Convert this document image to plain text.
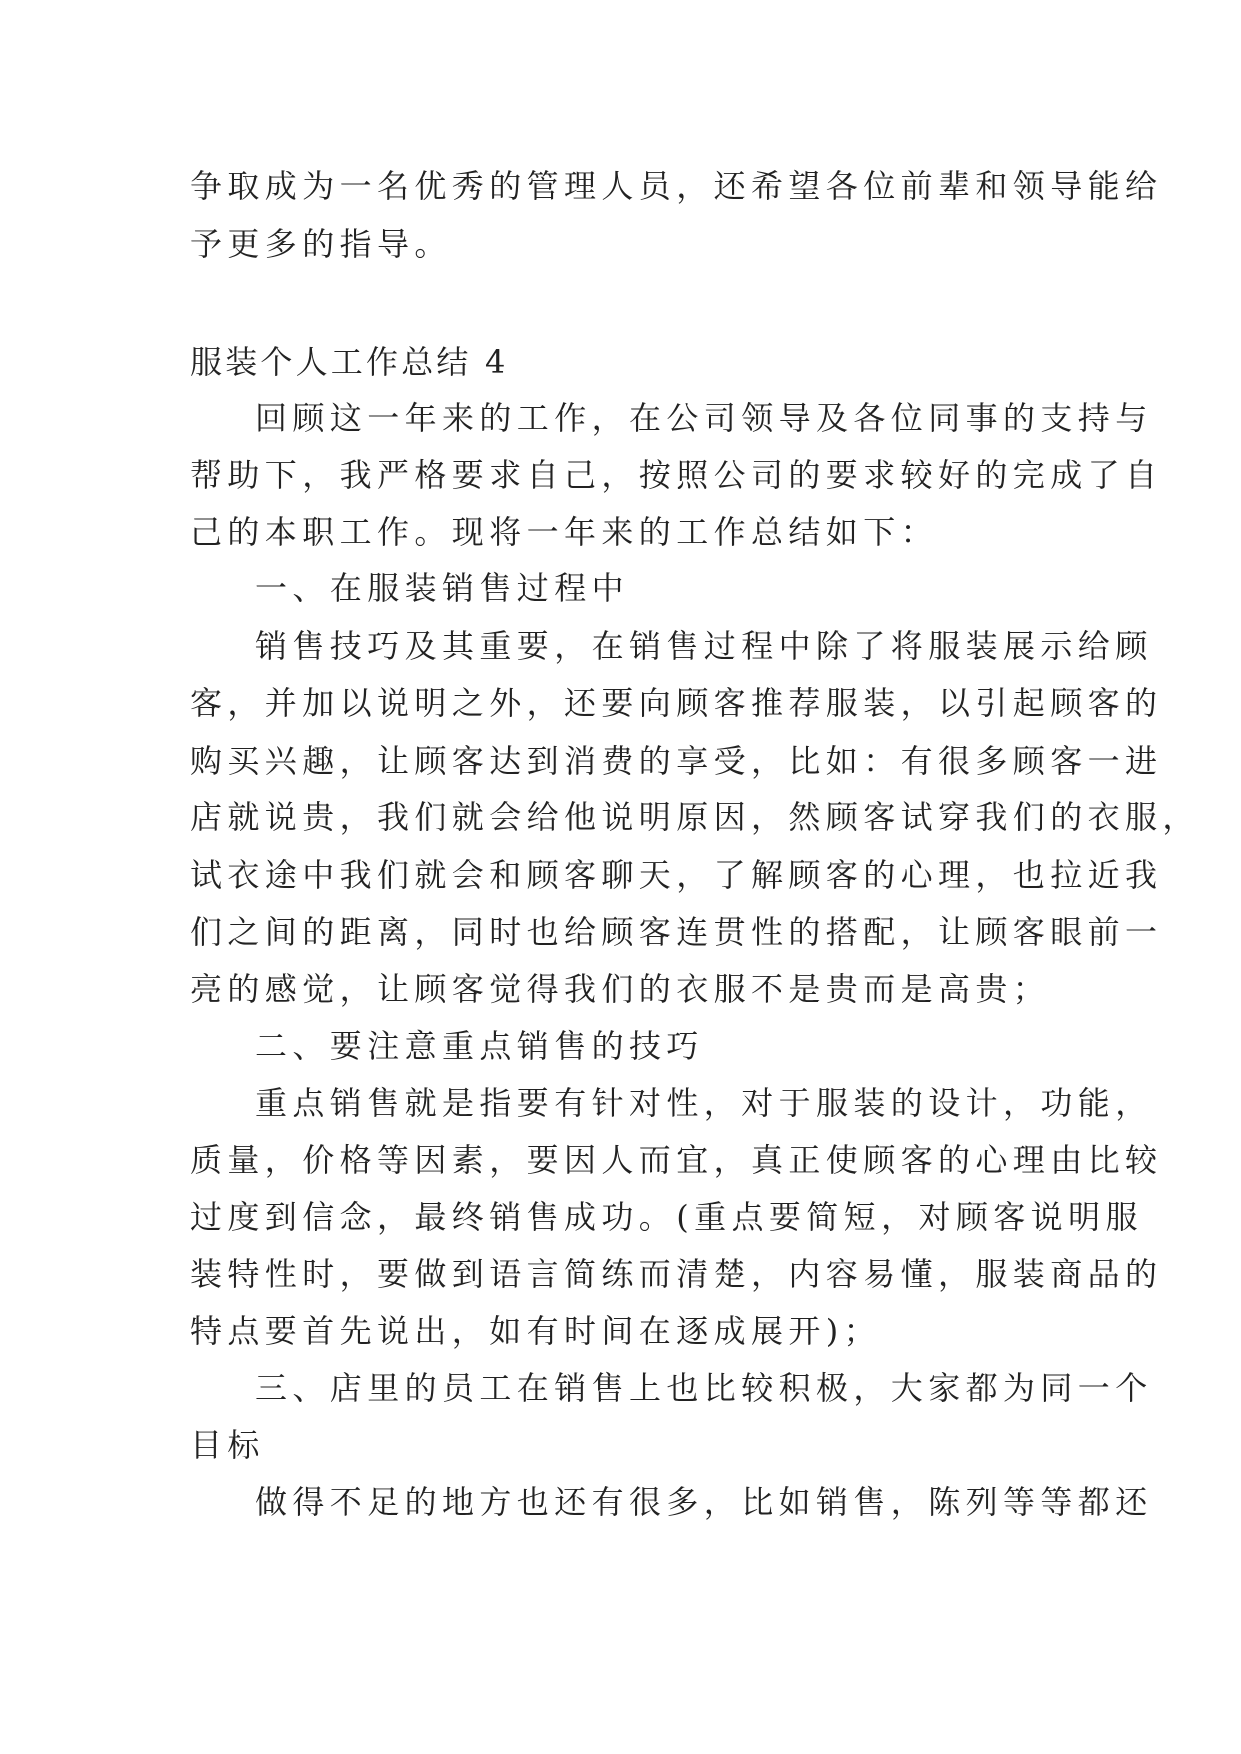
争取成为一名优秀的管理人员，还希望各位前辈和领导能给
予更多的指导。
服装个人工作总结 4
回顾这一年来的工作，在公司领导及各位同事的支持与
帮助下，我严格要求自己，按照公司的要求较好的完成了自
己的本职工作。现将一年来的工作总结如下：
一、在服装销售过程中
销售技巧及其重要，在销售过程中除了将服装展示给顾
客，并加以说明之外，还要向顾客推荐服装，以引起顾客的
购买兴趣，让顾客达到消费的享受，比如：有很多顾客一进
店就说贵，我们就会给他说明原因，然顾客试穿我们的衣服，
试衣途中我们就会和顾客聊天，了解顾客的心理，也拉近我
们之间的距离，同时也给顾客连贯性的搭配，让顾客眼前一
亮的感觉，让顾客觉得我们的衣服不是贵而是高贵；
二、要注意重点销售的技巧
重点销售就是指要有针对性，对于服装的设计，功能，
质量，价格等因素，要因人而宜，真正使顾客的心理由比较
过度到信念，最终销售成功。(重点要简短，对顾客说明服
装特性时，要做到语言简练而清楚，内容易懂，服装商品的
特点要首先说出，如有时间在逐成展开)；
三、店里的员工在销售上也比较积极，大家都为同一个
目标
做得不足的地方也还有很多，比如销售，陈列等等都还
